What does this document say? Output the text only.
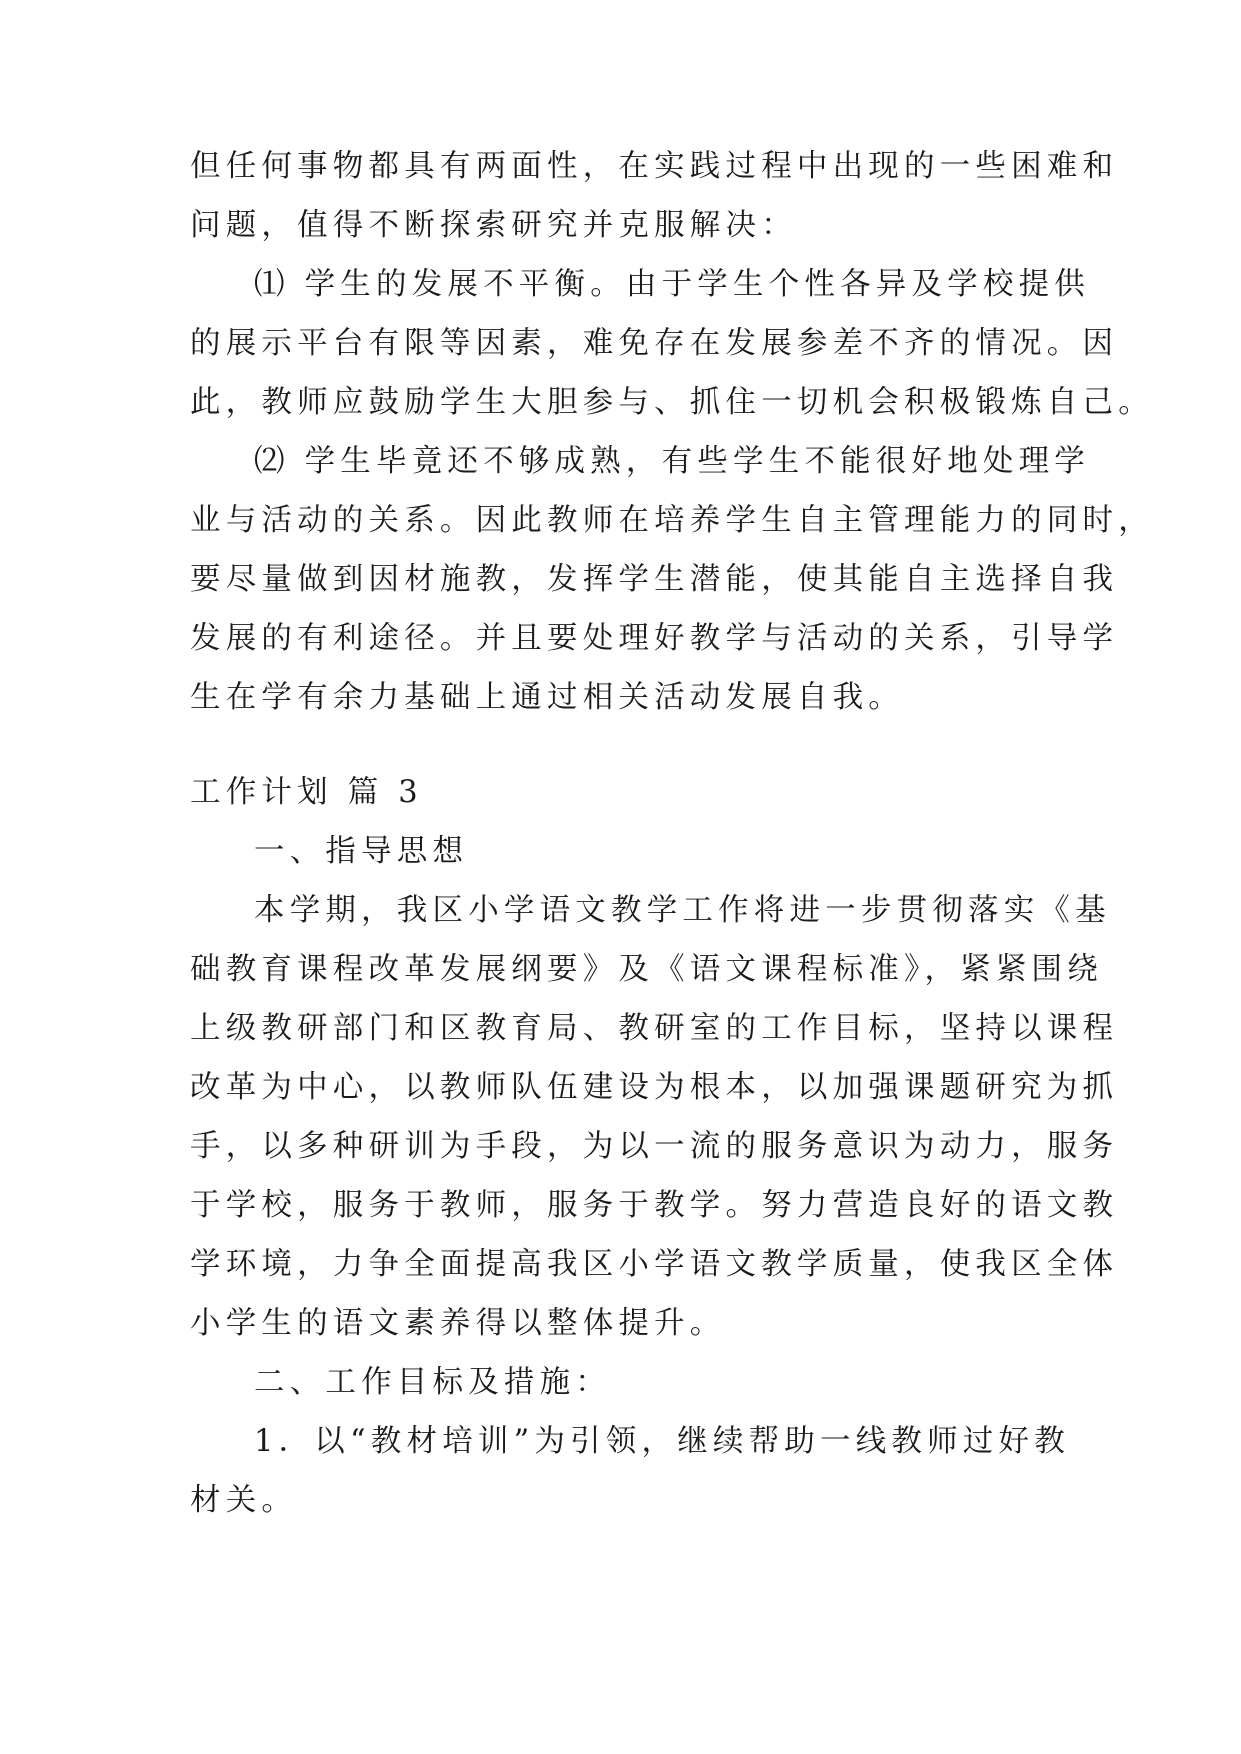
但任何事物都具有两面性，在实践过程中出现的一些困难和
问题，值得不断探索研究并克服解决：
⑴ 学生的发展不平衡。由于学生个性各异及学校提供
的展示平台有限等因素，难免存在发展参差不齐的情况。因
此，教师应鼓励学生大胆参与、抓住一切机会积极锻炼自己。
⑵ 学生毕竟还不够成熟，有些学生不能很好地处理学
业与活动的关系。因此教师在培养学生自主管理能力的同时，
要尽量做到因材施教，发挥学生潜能，使其能自主选择自我
发展的有利途径。并且要处理好教学与活动的关系，引导学
生在学有余力基础上通过相关活动发展自我。
工作计划 篇 3
一、指导思想
本学期，我区小学语文教学工作将进一步贯彻落实《基
础教育课程改革发展纲要》及《语文课程标准》，紧紧围绕
上级教研部门和区教育局、教研室的工作目标，坚持以课程
改革为中心，以教师队伍建设为根本，以加强课题研究为抓
手，以多种研训为手段，为以一流的服务意识为动力，服务
于学校，服务于教师，服务于教学。努力营造良好的语文教
学环境，力争全面提高我区小学语文教学质量，使我区全体
小学生的语文素养得以整体提升。
二、工作目标及措施：
1．以“教材培训”为引领，继续帮助一线教师过好教
材关。
